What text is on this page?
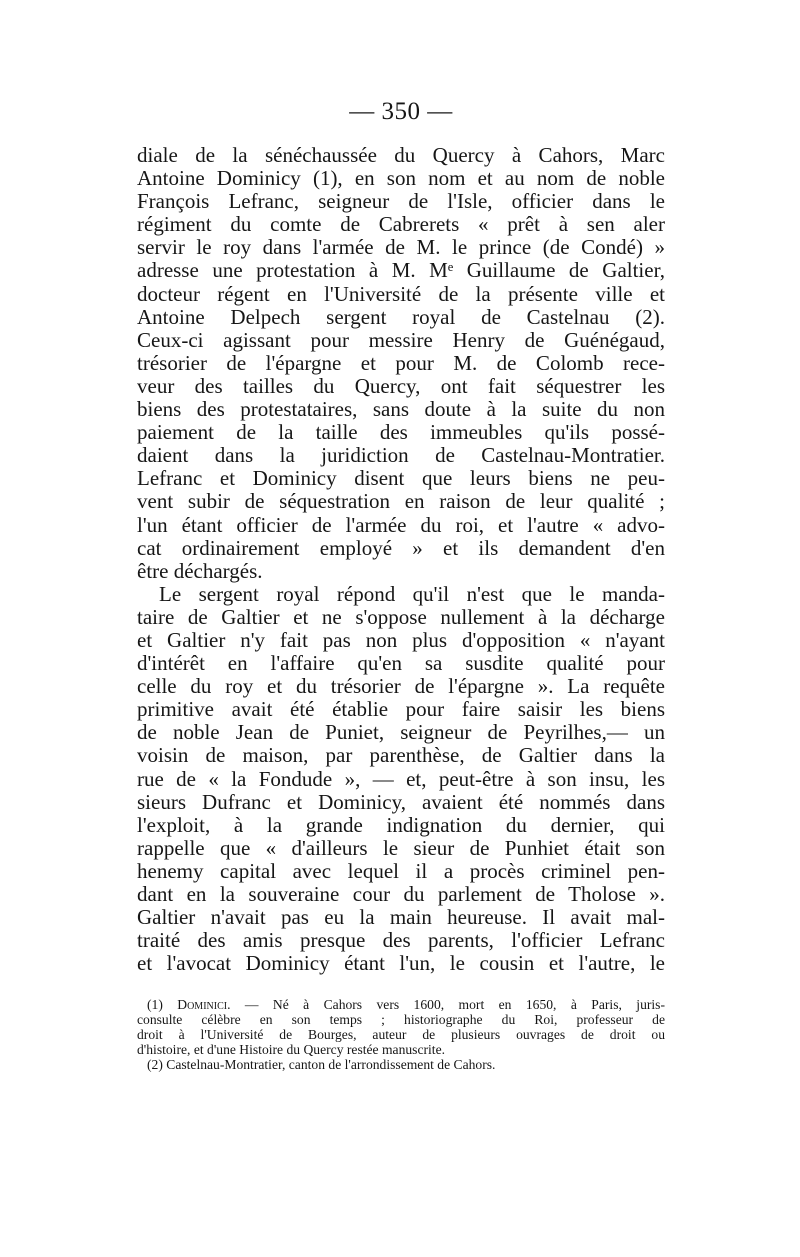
— 350 —
diale de la sénéchaussée du Quercy à Cahors, Marc
Antoine Dominicy (1), en son nom et au nom de noble
François Lefranc, seigneur de l'Isle, officier dans le
régiment du comte de Cabrerets « prêt à sen aler
servir le roy dans l'armée de M. le prince (de Condé) »
adresse une protestation à M. Mᵉ Guillaume de Galtier,
docteur régent en l'Université de la présente ville et
Antoine Delpech sergent royal de Castelnau (2).
Ceux-ci agissant pour messire Henry de Guénégaud,
trésorier de l'épargne et pour M. de Colomb rece-
veur des tailles du Quercy, ont fait séquestrer les
biens des protestataires, sans doute à la suite du non
paiement de la taille des immeubles qu'ils possé-
daient dans la juridiction de Castelnau-Montratier.
Lefranc et Dominicy disent que leurs biens ne peu-
vent subir de séquestration en raison de leur qualité ;
l'un étant officier de l'armée du roi, et l'autre « advo-
cat ordinairement employé » et ils demandent d'en
être déchargés.
Le sergent royal répond qu'il n'est que le manda-
taire de Galtier et ne s'oppose nullement à la décharge
et Galtier n'y fait pas non plus d'opposition « n'ayant
d'intérêt en l'affaire qu'en sa susdite qualité pour
celle du roy et du trésorier de l'épargne ». La requête
primitive avait été établie pour faire saisir les biens
de noble Jean de Puniet, seigneur de Peyrilhes,— un
voisin de maison, par parenthèse, de Galtier dans la
rue de « la Fondude », — et, peut-être à son insu, les
sieurs Dufranc et Dominicy, avaient été nommés dans
l'exploit, à la grande indignation du dernier, qui
rappelle que « d'ailleurs le sieur de Punhiet était son
henemy capital avec lequel il a procès criminel pen-
dant en la souveraine cour du parlement de Tholose ».
Galtier n'avait pas eu la main heureuse. Il avait mal-
traité des amis presque des parents, l'officier Lefranc
et l'avocat Dominicy étant l'un, le cousin et l'autre, le
(1) Dominici. — Né à Cahors vers 1600, mort en 1650, à Paris, juris-
consulte célèbre en son temps ; historiographe du Roi, professeur de
droit à l'Université de Bourges, auteur de plusieurs ouvrages de droit ou
d'histoire, et d'une Histoire du Quercy restée manuscrite.
(2) Castelnau-Montratier, canton de l'arrondissement de Cahors.
